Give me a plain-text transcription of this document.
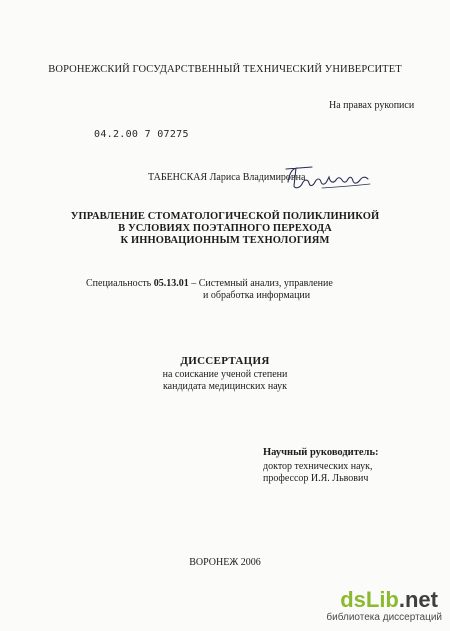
ВОРОНЕЖСКИЙ ГОСУДАРСТВЕННЫЙ ТЕХНИЧЕСКИЙ УНИВЕРСИТЕТ
На правах рукописи
04.2.00 7 07275
ТАБЕНСКАЯ Лариса Владимировна
УПРАВЛЕНИЕ СТОМАТОЛОГИЧЕСКОЙ ПОЛИКЛИНИКОЙ
В УСЛОВИЯХ ПОЭТАПНОГО ПЕРЕХОДА
К ИННОВАЦИОННЫМ ТЕХНОЛОГИЯМ
Специальность 05.13.01 – Системный анализ, управление
и обработка информации
ДИССЕРТАЦИЯ
на соискание ученой степени
кандидата медицинских наук
Научный руководитель:
доктор технических наук,
профессор И.Я. Львович
ВОРОНЕЖ 2006
dsLib.net
библиотека диссертаций
